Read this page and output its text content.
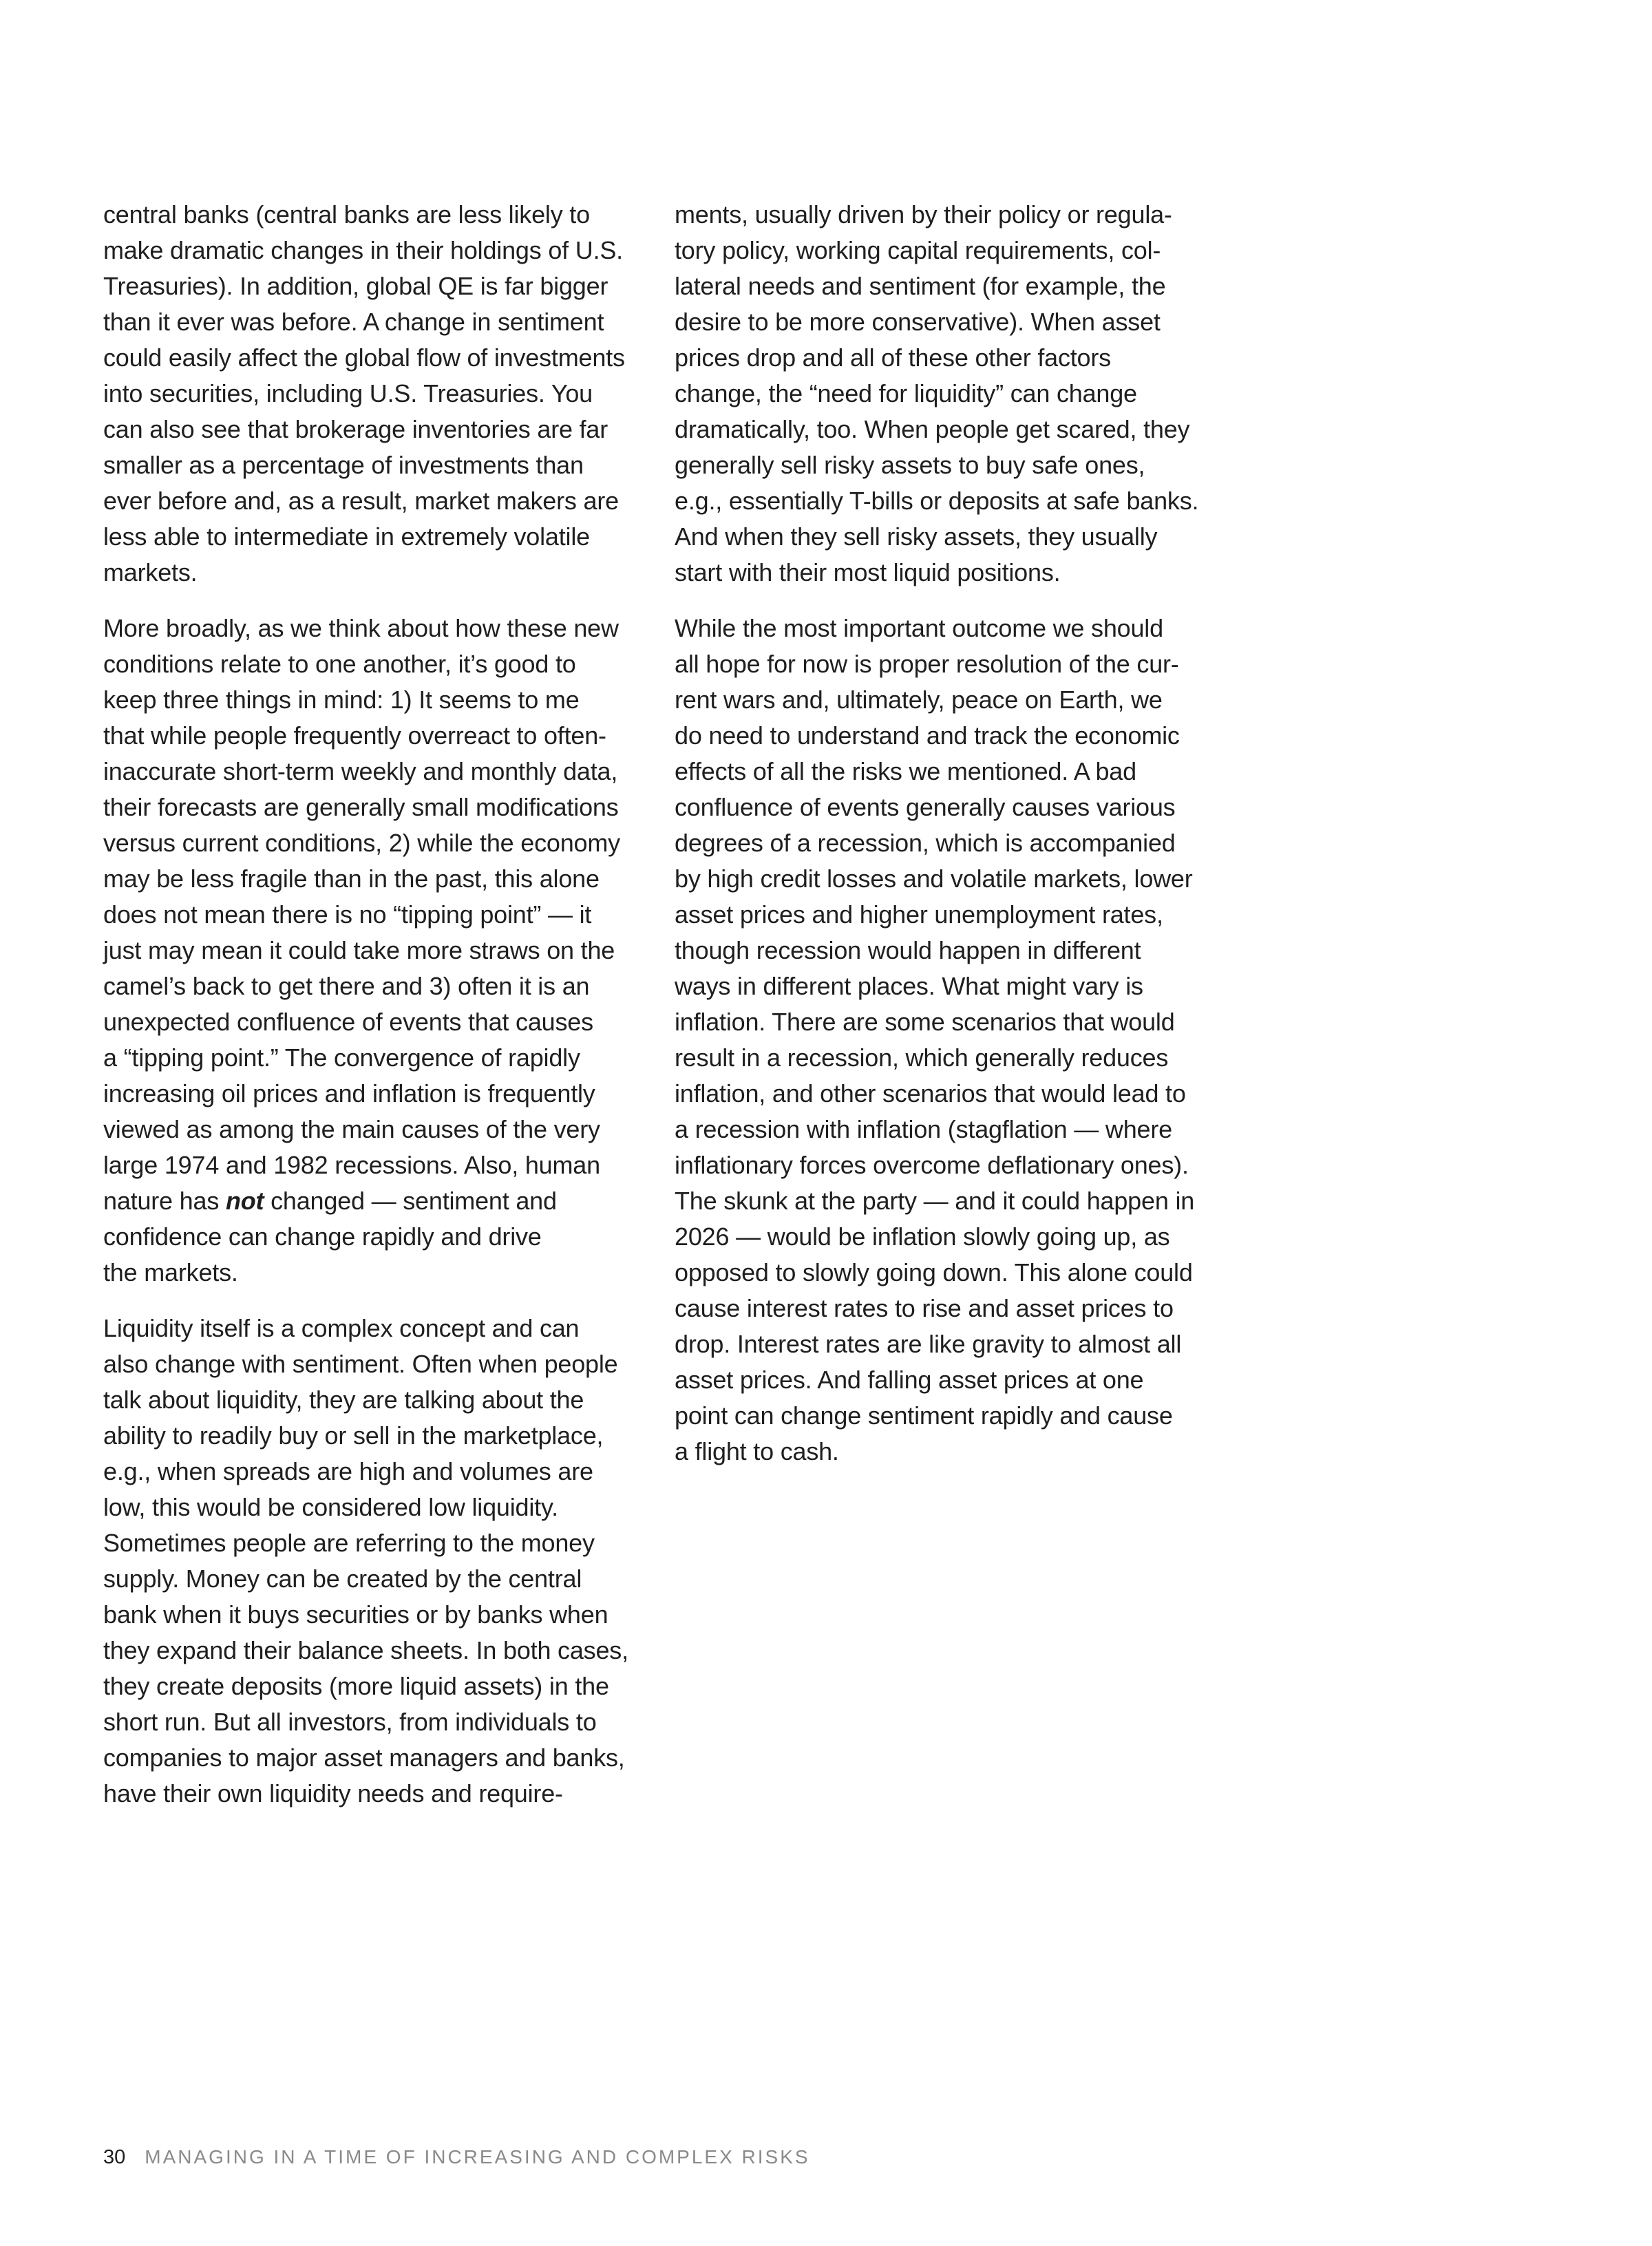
central banks (central banks are less likely to
make dramatic changes in their holdings of U.S.
Treasuries). In addition, global QE is far bigger
than it ever was before. A change in sentiment
could easily affect the global flow of investments
into securities, including U.S. Treasuries. You
can also see that brokerage inventories are far
smaller as a percentage of investments than
ever before and, as a result, market makers are
less able to intermediate in extremely volatile
markets.

More broadly, as we think about how these new
conditions relate to one another, it’s good to
keep three things in mind: 1) It seems to me
that while people frequently overreact to often-
inaccurate short-term weekly and monthly data,
their forecasts are generally small modifications
versus current conditions, 2) while the economy
may be less fragile than in the past, this alone
does not mean there is no “tipping point” — it
just may mean it could take more straws on the
camel’s back to get there and 3) often it is an
unexpected confluence of events that causes
a “tipping point.” The convergence of rapidly
increasing oil prices and inflation is frequently
viewed as among the main causes of the very
large 1974 and 1982 recessions. Also, human
nature has not changed — sentiment and
confidence can change rapidly and drive
the markets.

Liquidity itself is a complex concept and can
also change with sentiment. Often when people
talk about liquidity, they are talking about the
ability to readily buy or sell in the marketplace,
e.g., when spreads are high and volumes are
low, this would be considered low liquidity.
Sometimes people are referring to the money
supply. Money can be created by the central
bank when it buys securities or by banks when
they expand their balance sheets. In both cases,
they create deposits (more liquid assets) in the
short run. But all investors, from individuals to
companies to major asset managers and banks,
have their own liquidity needs and require-

ments, usually driven by their policy or regula-
tory policy, working capital requirements, col-
lateral needs and sentiment (for example, the
desire to be more conservative). When asset
prices drop and all of these other factors
change, the “need for liquidity” can change
dramatically, too. When people get scared, they
generally sell risky assets to buy safe ones,
e.g., essentially T-bills or deposits at safe banks.
And when they sell risky assets, they usually
start with their most liquid positions.

While the most important outcome we should
all hope for now is proper resolution of the cur-
rent wars and, ultimately, peace on Earth, we
do need to understand and track the economic
effects of all the risks we mentioned. A bad
confluence of events generally causes various
degrees of a recession, which is accompanied
by high credit losses and volatile markets, lower
asset prices and higher unemployment rates,
though recession would happen in different
ways in different places. What might vary is
inflation. There are some scenarios that would
result in a recession, which generally reduces
inflation, and other scenarios that would lead to
a recession with inflation (stagflation — where
inflationary forces overcome deflationary ones).
The skunk at the party — and it could happen in
2026 — would be inflation slowly going up, as
opposed to slowly going down. This alone could
cause interest rates to rise and asset prices to
drop. Interest rates are like gravity to almost all
asset prices. And falling asset prices at one
point can change sentiment rapidly and cause
a flight to cash.

30 MANAGING IN A TIME OF INCREASING AND COMPLEX RISKS
